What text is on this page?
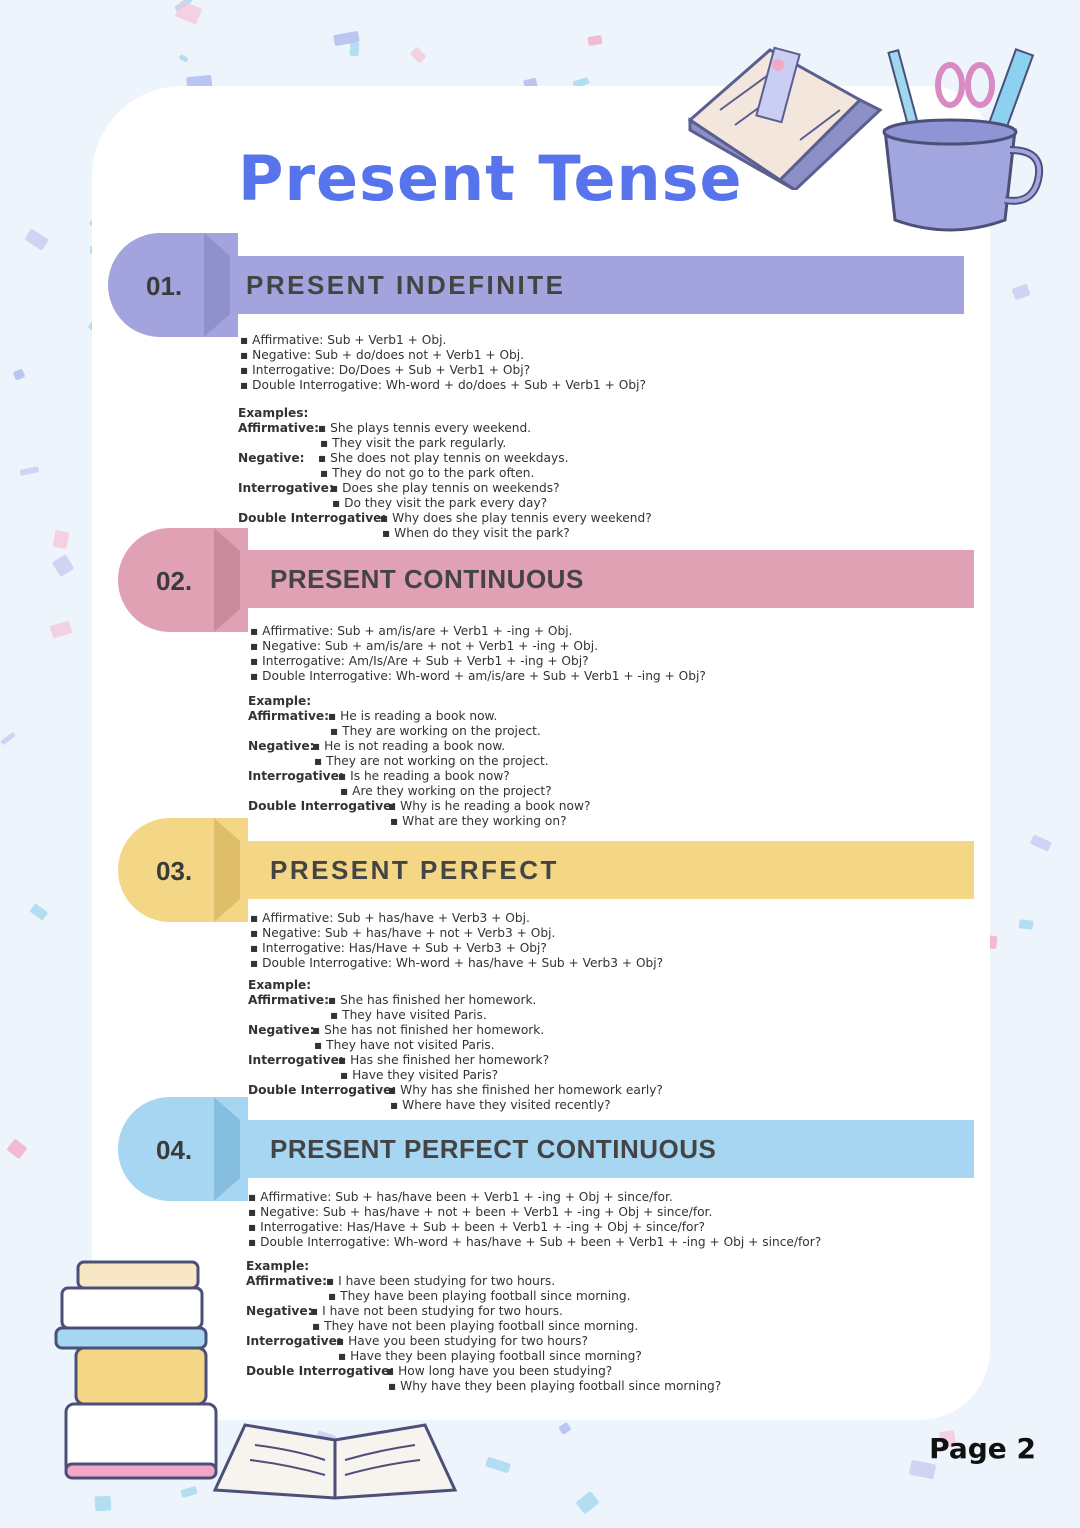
Present Tense
01.	PRESENT INDEFINITE
▪ Affirmative: Sub + Verb1 + Obj.
▪ Negative: Sub + do/does not + Verb1 + Obj.
▪ Interrogative: Do/Does + Sub + Verb1 + Obj?
▪ Double Interrogative: Wh-word + do/does + Sub + Verb1 + Obj?
Examples:
Affirmative: ▪ She plays tennis every weekend.
▪ They visit the park regularly.
Negative:	▪ She does not play tennis on weekdays.
▪ They do not go to the park often.
Interrogative: ▪ Does she play tennis on weekends?
▪ Do they visit the park every day?
Double Interrogative: ▪ Why does she play tennis every weekend?
▪ When do they visit the park?
02.	PRESENT CONTINUOUS
▪ Affirmative: Sub + am/is/are + Verb1 + -ing + Obj.
▪ Negative: Sub + am/is/are + not + Verb1 + -ing + Obj.
▪ Interrogative: Am/Is/Are + Sub + Verb1 + -ing + Obj?
▪ Double Interrogative: Wh-word + am/is/are + Sub + Verb1 + -ing + Obj?
Example:
Affirmative: ▪ He is reading a book now.
▪ They are working on the project.
Negative: ▪ He is not reading a book now.
▪ They are not working on the project.
Interrogative: ▪ Is he reading a book now?
▪ Are they working on the project?
Double Interrogative: ▪ Why is he reading a book now?
▪ What are they working on?
03.	PRESENT PERFECT
▪ Affirmative: Sub + has/have + Verb3 + Obj.
▪ Negative: Sub + has/have + not + Verb3 + Obj.
▪ Interrogative: Has/Have + Sub + Verb3 + Obj?
▪ Double Interrogative: Wh-word + has/have + Sub + Verb3 + Obj?
Example:
Affirmative: ▪ She has finished her homework.
▪ They have visited Paris.
Negative: ▪ She has not finished her homework.
▪ They have not visited Paris.
Interrogative: ▪ Has she finished her homework?
▪ Have they visited Paris?
Double Interrogative: ▪ Why has she finished her homework early?
▪ Where have they visited recently?
04.	PRESENT PERFECT CONTINUOUS
▪ Affirmative: Sub + has/have been + Verb1 + -ing + Obj + since/for.
▪ Negative: Sub + has/have + not + been + Verb1 + -ing + Obj + since/for.
▪ Interrogative: Has/Have + Sub + been + Verb1 + -ing + Obj + since/for?
▪ Double Interrogative: Wh-word + has/have + Sub + been + Verb1 + -ing + Obj + since/for?
Example:
Affirmative: ▪ I have been studying for two hours.
▪ They have been playing football since morning.
Negative: ▪ I have not been studying for two hours.
▪ They have not been playing football since morning.
Interrogative: ▪ Have you been studying for two hours?
▪ Have they been playing football since morning?
Double Interrogative: ▪ How long have you been studying?
▪ Why have they been playing football since morning?
Page 2
